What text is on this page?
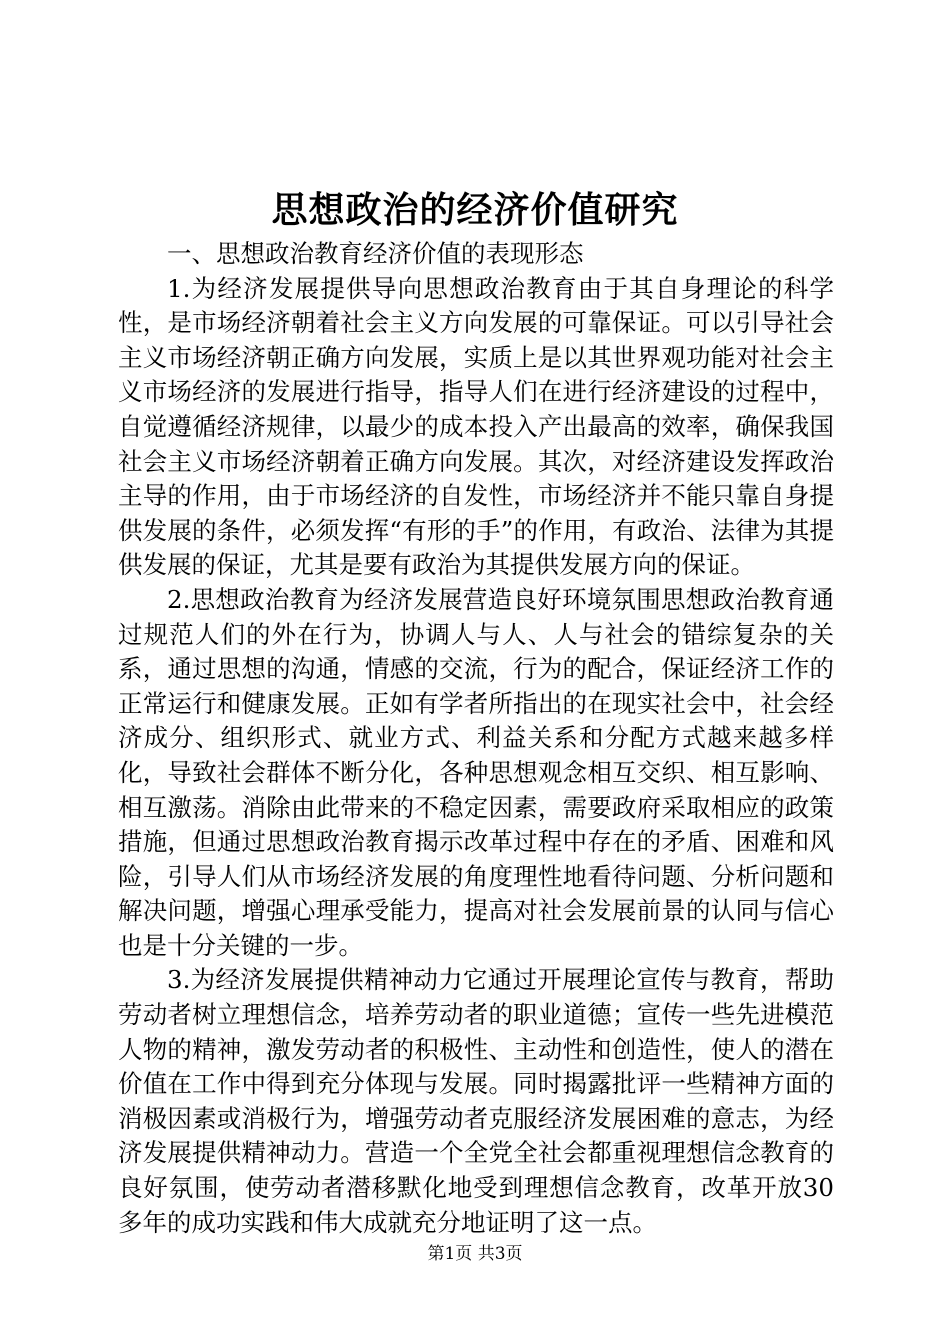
思想政治的经济价值研究

一、思想政治教育经济价值的表现形态

1.为经济发展提供导向思想政治教育由于其自身理论的科学性，是市场经济朝着社会主义方向发展的可靠保证。可以引导社会主义市场经济朝正确方向发展，实质上是以其世界观功能对社会主义市场经济的发展进行指导，指导人们在进行经济建设的过程中，自觉遵循经济规律，以最少的成本投入产出最高的效率，确保我国社会主义市场经济朝着正确方向发展。其次，对经济建设发挥政治主导的作用，由于市场经济的自发性，市场经济并不能只靠自身提供发展的条件，必须发挥“有形的手”的作用，有政治、法律为其提供发展的保证，尤其是要有政治为其提供发展方向的保证。

2.思想政治教育为经济发展营造良好环境氛围思想政治教育通过规范人们的外在行为，协调人与人、人与社会的错综复杂的关系，通过思想的沟通，情感的交流，行为的配合，保证经济工作的正常运行和健康发展。正如有学者所指出的在现实社会中，社会经济成分、组织形式、就业方式、利益关系和分配方式越来越多样化，导致社会群体不断分化，各种思想观念相互交织、相互影响、相互激荡。消除由此带来的不稳定因素，需要政府采取相应的政策措施，但通过思想政治教育揭示改革过程中存在的矛盾、困难和风险，引导人们从市场经济发展的角度理性地看待问题、分析问题和解决问题，增强心理承受能力，提高对社会发展前景的认同与信心也是十分关键的一步。

3.为经济发展提供精神动力它通过开展理论宣传与教育，帮助劳动者树立理想信念，培养劳动者的职业道德；宣传一些先进模范人物的精神，激发劳动者的积极性、主动性和创造性，使人的潜在价值在工作中得到充分体现与发展。同时揭露批评一些精神方面的消极因素或消极行为，增强劳动者克服经济发展困难的意志，为经济发展提供精神动力。营造一个全党全社会都重视理想信念教育的良好氛围，使劳动者潜移默化地受到理想信念教育，改革开放30多年的成功实践和伟大成就充分地证明了这一点。

第1页 共3页
